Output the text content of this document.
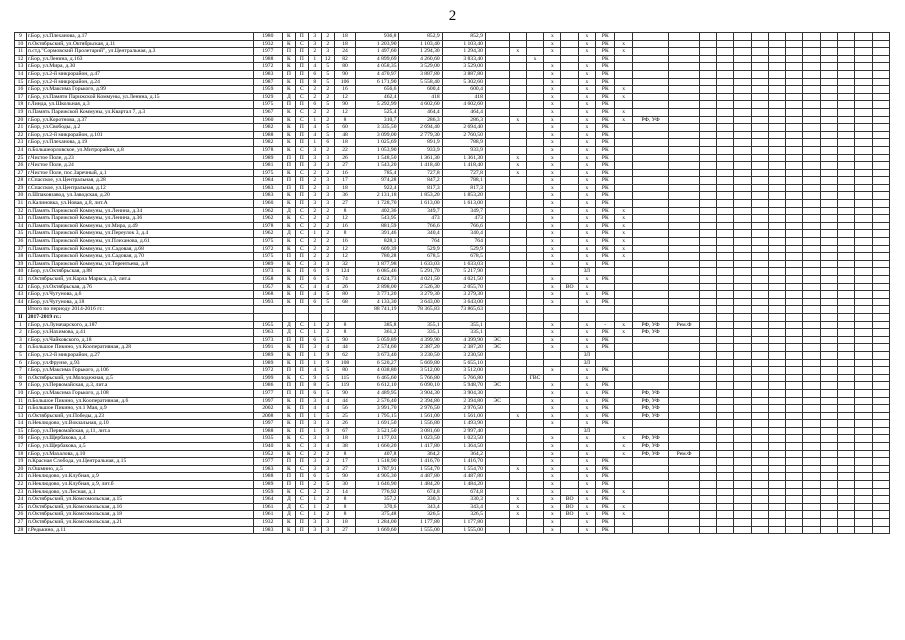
2
9	г.Бор, ул.Плеханова, д.17	1980	К	П	3	2	18	936,8	852,9	852,9				х		х	РК														
10	п.Октябрьский, ул.Октябрьская, д.11	1932	К	С	3	2	18	1 203,90	1 103,40	1 103,40				х		х	РК	х													
11	п.стд."Сормовский Пролетарий", ул.Центральная, д.3	1977	П	П	2	3	24	1 497,60	1 294,30	1 294,30		х		х		х	РК	х													
12	г.Бор, ул.Ленина, д.163	1988	К	П	1	12	82	4 899,69	4 260,60	3 833,40			х				РК														
13	г.Бор, ул.Мира, д.30	1972	К	П	4	5	80	4 058,35	3 529,00	3 529,00				х		х	РК														
14	г.Бор, ул.2-й микрорайон, д.47	1983	П	П	6	5	90	4 470,97	3 887,80	3 887,80				х		х	РК														
15	г.Бор, ул.2-й микрорайон, д.24	1987	К	П	8	5	106	6 171,90	5 558,40	5 302,60				х		х	РК														
16	г.Бор, ул.Максима Горького, д.99	1959	К	С	2	2	16	656,6	600,4	600,4				х		х	РК	х													
17	г.Бор, ул.Памяти Парижской Коммуны, ул.Ленина, д.15	1929	Д	С	2	2	12	462,4	418	418				х		х	РК	х													
18	г.Линда, ул.Школьная, д.3	1975	П	П	6	5	90	5 292,99	4 602,60	4 602,60				х		х	РК														
19	п.Память Парижской Коммуны, ул.Квартал 7, д.3	1967	К	С	2	2	12	525,4	464,4	464,4				х		х	РК	х													
20	г.Бор, ул.Коротнова, д.37	1960	К	С	1	2	8	310,7	286,3	286,3		х		х		х	РК	х	РФ, УФ												
21	г.Бор, ул.Свободы, д.2	1982	К	П	4	5	60	3 335,50	2 694,40	2 694,40				х		х	РК														
22	г.Бор, ул.2-й микрорайон, д.101	1988	К	П	4	5	48	3 099,00	2 779,30	2 760,50				х		х	РК														
23	г.Бор, ул.Плеханова, д.19	1982	К	П	1	6	18	1 025,69	891,9	788,9				х		х	РК														
24	п.Большеорловское, ул.Митрорайон, д.8	1978	К	С	3	2	22	1 053,90	933,9	933,9				х		х	РК														
25	г.Чистое Поле, д.23	1989	П	П	3	3	26	1 548,50	1 361,30	1 361,30		х		х		х	РК														
26	г.Чистое Поле, д.24	1981	П	П	3	3	27	1 543,20	1 418,40	1 418,40		х		х		х	РК														
27	г.Чистое Поле, пос.Заречный, д.1	1975	К	С	2	2	16	785,4	727,8	727,8		х		х		х	РК														
28	г.Спасское, ул.Центральная, д.28	1984	П	П	2	3	17	974,28	847,2	788,1				х		х	РК														
29	г.Спасское, ул.Центральная, д.12	1983	П	П	2	3	18	922,4	817,3	817,3				х		х	РК														
30	п.Шпаковзавод, ул.Заводская, д.20	1983	К	П	3	3	36	2 131,18	1 853,20	1 853,20				х		х	РК														
31	п.Калиновка, ул.Новая, д.8, лит.А	1960	К	П	3	3	27	1 728,70	1 613,00	1 613,00				х		х	РК														
32	п.Память Парижской Коммуны, ул.Ленина, д.34	1962	Д	С	2	2	8	402,36	349,7	349,7				х		х	РК	х													
33	п.Память Парижской Коммуны, ул.Ленина, д.36	1962	К	С	2	2	12	543,95	473	473				х		х	РК	х													
34	п.Память Парижской Коммуны, ул.Мира, д.49	1978	К	С	2	2	16	881,59	766,6	766,6				х		х	РК	х													
35	п.Память Парижской Коммуны, ул.Переулок 3, д.4	1962	Д	С	1	2	8	391,46	340,4	340,4				х		х	РК	х													
36	п.Память Парижской Коммуны, ул.Плеханова, д.61	1975	К	С	2	2	16	828,1	764	764				х		х	РК	х													
37	п.Память Парижской Коммуны, ул.Садовая, д.68	1972	К	С	2	2	12	609,39	529,9	529,9				х		х	РК	х													
38	п.Память Парижской Коммуны, ул.Садовая, д.70	1975	П	П	2	2	12	780,28	678,5	678,5				х		х	РК	х													
39	п.Память Парижской Коммуны, ул.Терентьева, д.8	1989	К	С	3	3	32	1 877,98	1 633,03	1 633,03				х		х	РК														
40	г.Бор, ул.Октябрьская, д.88	1973	К	П	6	9	124	6 085,46	5 291,70	5 217,90						ЗЛ															
41	п.Октябрьский, ул.Карла Маркса, д.3, лит.а	1958	К	П	6	5	74	4 624,73	4 021,50	4 021,50				х		х	РК														
42	г.Бор, ул.Октябрьская, д.76	1957	К	С	4	4	26	2 898,00	2 526,30	2 055,70				х	ВО	х															
43	г.Бор, ул.Чугунова, д.6	1968	К	П	4	5	80	3 771,20	3 279,30	3 279,30				х		х	РК														
44	г.Бор, ул.Чугунова, д.18	1993	К	П	6	5	68	4 133,30	3 643,00	3 643,00				х		х	РК														
	Итого по периоду 2014-2016 гг.:							88 741,19	78 365,83	73 865,63																					
II	2017-2019 гг.:																														
1	г.Бор, ул.Луначарского, д.187	1955	Д	С	1	2	8	385,8	355,1	355,1				х		х	-	х	РФ, УФ	Рем.Ф											
2	г.Бор, ул.Нахимова, д.41	1963	Д	С	1	2	8	361,2	335,1	335,1				х		х	РК	х	РФ, УФ												
3	г.Бор, ул.Чайковского, д.18	1973	П	П	6	5	90	5 059,89	4 399,90	4 399,90	ЭС			х		х	РК														
4	п.Большое Пикино, ул.Кооперативная, д.28	1991	К	П	3	4	44	2 574,60	2 387,20	2 387,20	ЭС			х		х	РК														
5	г.Бор, ул.2-й микрорайон, д.27	1989	К	П	1	9	62	3 673,40	3 230,50	3 230,50						ЗЛ															
6	г.Бор, ул.Фрунзе, д.93	1989	К	П	1	9	108	6 520,27	5 669,80	5 655,10						ЗЛ															
7	г.Бор, ул.Максима Горького, д.106	1972	П	П	4	5	80	4 038,80	3 512,00	3 512,00				х		х	РК														
8	п.Октябрьский, ул.Молодежная, д.5	1999	К	С	9	5	115	6 465,60	5 766,80	5 766,80			ГВС			х															
9	г.Бор, ул.Первомайская, д.3, лит.а	1986	П	П	8	5	119	6 612,10	6 090,10	5 948,70	ЭС			х		х	РК														
10	г.Бор, ул.Максима Горького, д.108	1977	П	П	6	5	90	4 489,95	3 904,30	3 904,30				х		х	РК		РФ, УФ												
11	п.Большое Пикино, ул.Кооперативная, д.6	1997	К	П	3	4	44	2 576,40	2 394,80	2 394,80	ЭС			х		х	РК		РФ, УФ												
12	п.Большое Пикино, ул.1 Мая, д.9	2002	К	П	4	4	56	3 991,70	2 976,50	2 976,50				х		х	РК		РФ, УФ												
13	п.Октябрьский, ул.Победы, д.23	2008	К	П	1	5	25	1 795,15	1 561,00	1 561,00		х		х		х	РК		РФ, УФ												
14	п.Неклюдово, ул.Вокзальная, д.10	1997	К	П	3	3	26	1 691,50	1 556,80	1 493,90				х		х	РК														
15	г.Бор, ул.Первомайская, д.11, лит.а	1988	К	П	1	9	67	3 521,50	3 081,60	2 997,40						ЗЛ															
16	г.Бор, ул.Щербакова, д.4	1935	К	С	3	3	18	1 177,03	1 023,50	1 023,50				х		х		х	РФ, УФ												
17	г.Бор, ул.Щербакова, д.5	1940	К	С	3	4	38	1 660,20	1 417,80	1 364,50				х		х		х	РФ, УФ												
18	г.Бор, ул.Махалова, д.10	1952	К	С	2	2	8	407,8	364,2	364,2				х		х		х	РФ, УФ	Рем.Ф											
19	п.Красная Слобода, ул.Центральная, д.15	1977	П	П	3	2	17	1 518,90	1 416,70	1 416,70				х		х	РК														
20	п.Ошмино, д.5	1983	К	С	3	3	27	1 787,91	1 554,70	1 554,70		х		х		х	РК														
21	п.Неклюдово, ул.Клубная, д.9	1988	П	П	6	5	90	4 905,30	4 487,80	4 487,80				х		х	РК														
22	п.Неклюдово, ул.Клубная, д.9, лит.б	1989	П	П	2	5	30	1 646,90	1 484,20	1 484,20				х		х	РК														
23	п.Неклюдово, ул.Лесная, д.1	1959	К	С	2	2	14	776,92	674,8	674,8				х		х	РК	х													
24	п.Октябрьский, ул.Комсомольская, д.15	1964	Д	С	1	2	8	357,2	330,3	330,3		х		х	ВО	х	РК														
25	п.Октябрьский, ул.Комсомольская, д.16	1961	Д	С	1	2	8	370,6	343,4	343,4		х		х	ВО	х	РК	х													
26	п.Октябрьский, ул.Комсомольская, д.18	1961	Д	С	1	2	8	375,48	326,5	326,5		х		х	ВО	х	РК	х													
27	п.Октябрьский, ул.Комсомольская, д.21	1932	К	П	3	3	18	1 284,00	1 177,80	1 177,80				х		х	РК														
28	г.Редькино, д.11	1983	К	П	3	3	27	1 669,60	1 555,00	1 555,00				х		х	РК														
